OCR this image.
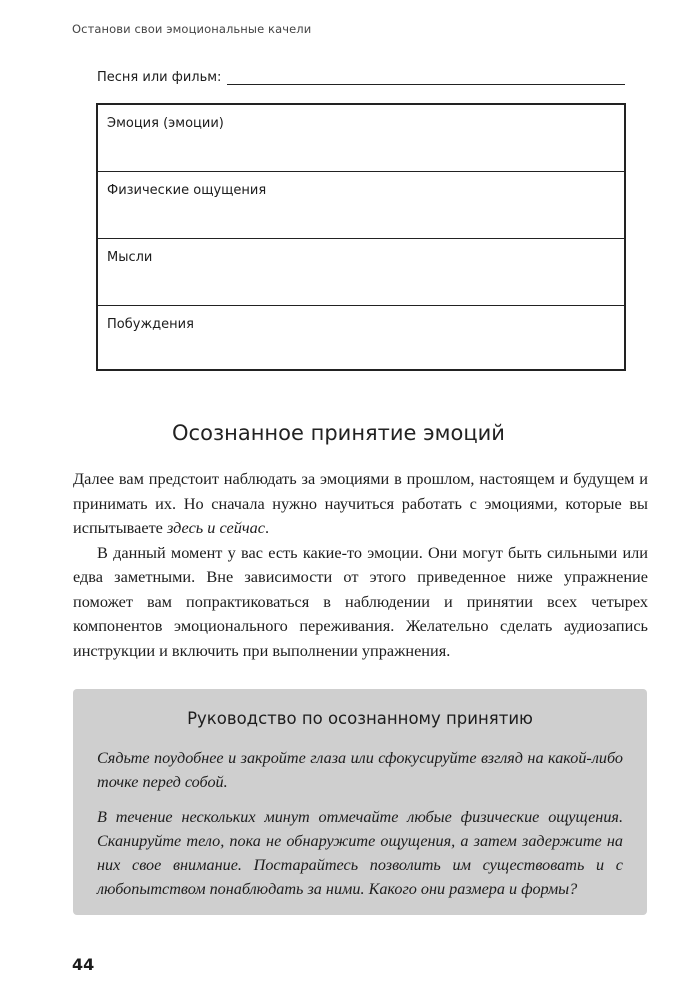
Останови свои эмоциональные качели
Песня или фильм:
Эмоция (эмоции)
Физические ощущения
Мысли
Побуждения
Осознанное принятие эмоций

Далее вам предстоит наблюдать за эмоциями в прошлом, настоящем и будущем и принимать их. Но сначала нужно научиться работать с эмоциями, которые вы испытываете здесь и сейчас.

В данный момент у вас есть какие-то эмоции. Они могут быть сильными или едва заметными. Вне зависимости от этого приведенное ниже упражнение поможет вам попрактиковаться в наблюдении и принятии всех четырех компонентов эмоционального переживания. Желательно сделать аудиозапись инструкции и включить при выполнении упражнения.

Руководство по осознанному принятию

Сядьте поудобнее и закройте глаза или сфокусируйте взгляд на какой-либо точке перед собой.

В течение нескольких минут отмечайте любые физические ощущения. Сканируйте тело, пока не обнаружите ощущения, а затем задержите на них свое внимание. Постарайтесь позволить им существовать и с любопытством понаблюдать за ними. Какого они размера и формы?

44
